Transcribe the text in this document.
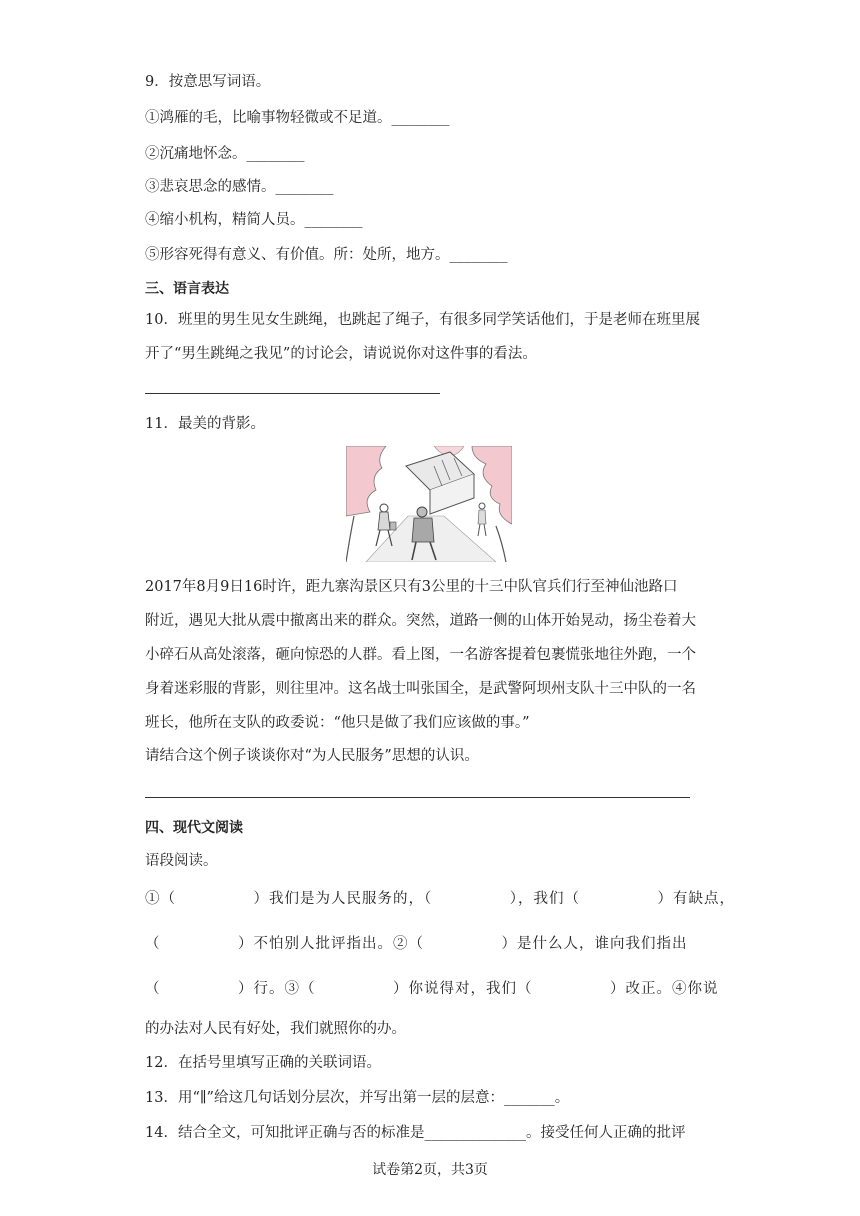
9．按意思写词语。
①鸿雁的毛，比喻事物轻微或不足道。________
②沉痛地怀念。________
③悲哀思念的感情。________
④缩小机构，精简人员。________
⑤形容死得有意义、有价值。所：处所，地方。________
三、语言表达
10．班里的男生见女生跳绳，也跳起了绳子，有很多同学笑话他们，于是老师在班里展
开了“男生跳绳之我见”的讨论会，请说说你对这件事的看法。
11．最美的背影。
2017年8月9日16时许，距九寨沟景区只有3公里的十三中队官兵们行至神仙池路口
附近，遇见大批从震中撤离出来的群众。突然，道路一侧的山体开始晃动，扬尘卷着大
小碎石从高处滚落，砸向惊恐的人群。看上图，一名游客提着包裹慌张地往外跑，一个
身着迷彩服的背影，则往里冲。这名战士叫张国全，是武警阿坝州支队十三中队的一名
班长，他所在支队的政委说：“他只是做了我们应该做的事。”
请结合这个例子谈谈你对“为人民服务”思想的认识。
四、现代文阅读
语段阅读。
①（　　　　　）我们是为人民服务的，（　　　　　），我们（　　　　　）有缺点，
（　　　　　）不怕别人批评指出。②（　　　　　）是什么人，谁向我们指出
（　　　　　）行。③（　　　　　）你说得对，我们（　　　　　）改正。④你说
的办法对人民有好处，我们就照你的办。
12．在括号里填写正确的关联词语。
13．用“∥”给这几句话划分层次，并写出第一层的层意：_______。
14．结合全文，可知批评正确与否的标准是______________。接受任何人正确的批评
试卷第2页，共3页
